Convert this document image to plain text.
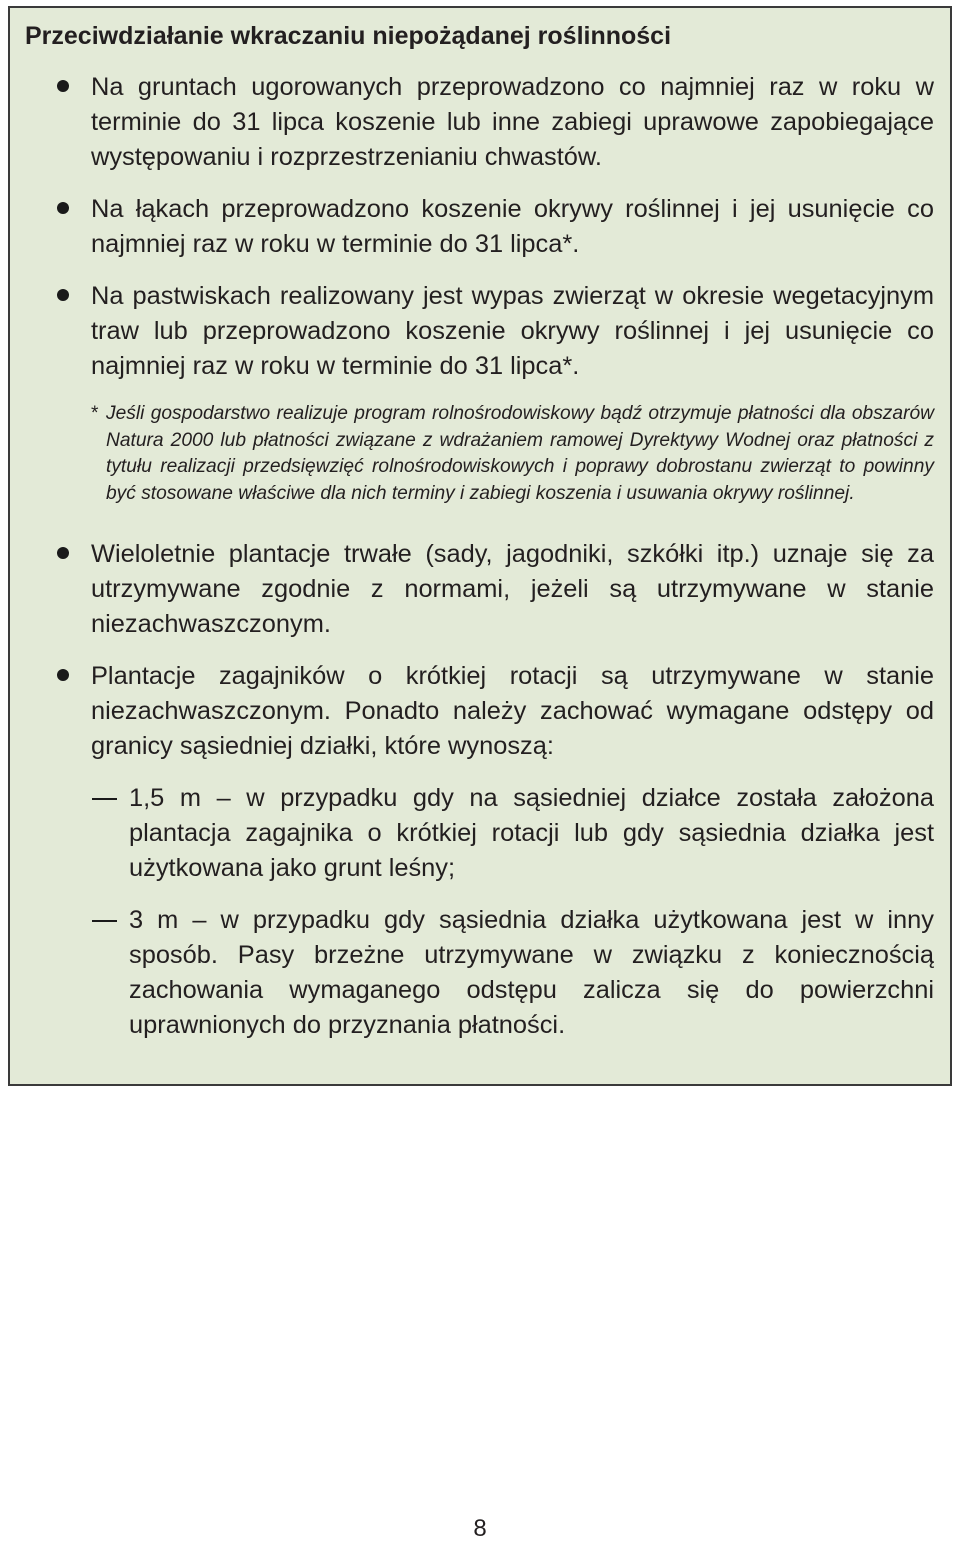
Przeciwdziałanie wkraczaniu niepożądanej roślinności
Na gruntach ugorowanych przeprowadzono co najmniej raz w roku w terminie do 31 lipca koszenie lub inne zabiegi uprawowe zapobiegające występowaniu i rozprzestrzenianiu chwastów.
Na łąkach przeprowadzono koszenie okrywy roślinnej i jej usunięcie co najmniej raz w roku w terminie do 31 lipca*.
Na pastwiskach realizowany jest wypas zwierząt w okresie wegetacyjnym traw lub przeprowadzono koszenie okrywy roślinnej i jej usunięcie co najmniej raz w roku w terminie do 31 lipca*.
* Jeśli gospodarstwo realizuje program rolnośrodowiskowy bądź otrzymuje płatności dla obszarów Natura 2000 lub płatności związane z wdrażaniem ramowej Dyrektywy Wodnej oraz płatności z tytułu realizacji przedsięwzięć rolnośrodowiskowych i poprawy dobrostanu zwierząt to powinny być stosowane właściwe dla nich terminy i zabiegi koszenia i usuwania okrywy roślinnej.
Wieloletnie plantacje trwałe (sady, jagodniki, szkółki itp.) uznaje się za utrzymywane zgodnie z normami, jeżeli są utrzymywane w stanie niezachwaszczonym.
Plantacje zagajników o krótkiej rotacji są utrzymywane w stanie niezachwaszczonym. Ponadto należy zachować wymagane odstępy od granicy sąsiedniej działki, które wynoszą:
1,5 m – w przypadku gdy na sąsiedniej działce została założona plantacja zagajnika o krótkiej rotacji lub gdy sąsiednia działka jest użytkowana jako grunt leśny;
3 m – w przypadku gdy sąsiednia działka użytkowana jest w inny sposób. Pasy brzeżne utrzymywane w związku z koniecznością zachowania wymaganego odstępu zalicza się do powierzchni uprawnionych do przyznania płatności.
8
